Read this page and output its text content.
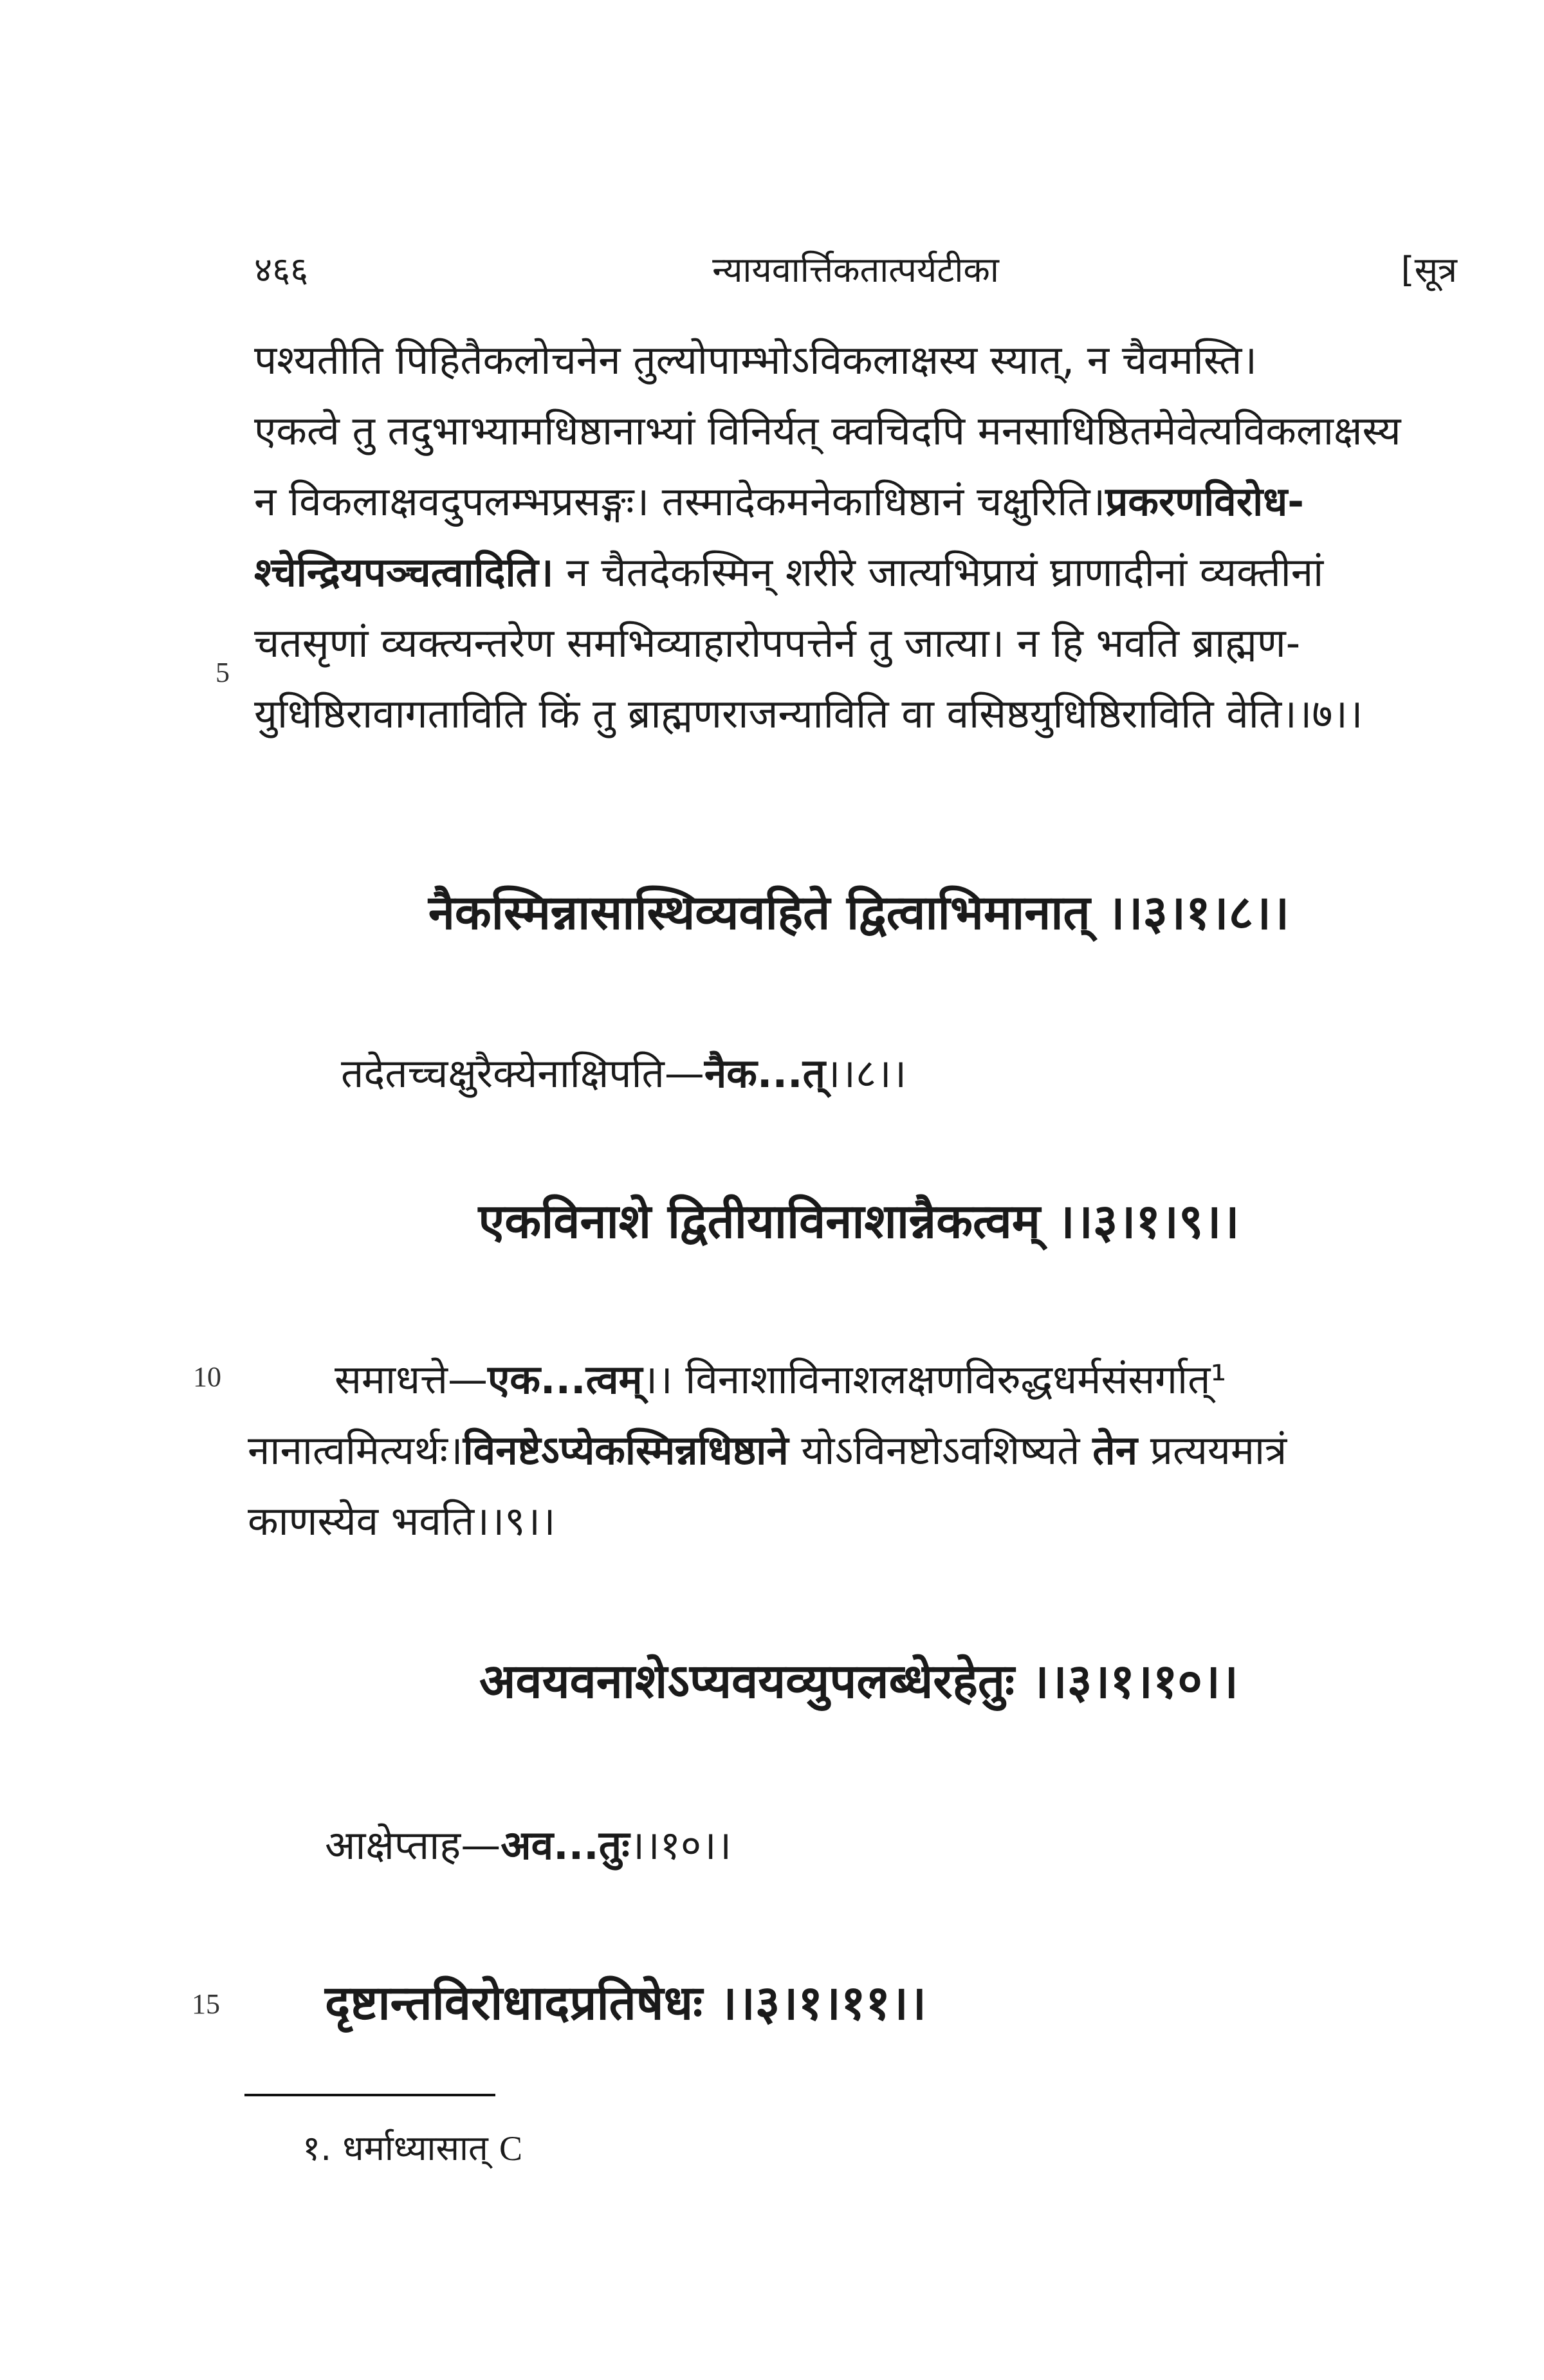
४६६	न्यायवार्त्तिकतात्पर्यटीका	[सूत्र
पश्यतीति पिहितैकलोचनेन तुल्योपाम्भोऽविकलाक्षस्य स्यात्, न चैवमस्ति।
एकत्वे तु तदुभाभ्यामधिष्ठानाभ्यां विनिर्यत् क्वचिदपि मनसाधिष्ठितमेवेत्यविकलाक्षस्य
न विकलाक्षवदुपलम्भप्रसङ्गः। तस्मादेकमनेकाधिष्ठानं चक्षुरिति।प्रकरणविरोध-
श्चेन्द्रियपञ्चत्वादिति। न चैतदेकस्मिन् शरीरे जात्यभिप्रायं घ्राणादीनां व्यक्तीनां
चतसृणां व्यक्त्यन्तरेण समभिव्याहारोपपत्तेर्न तु जात्या। न हि भवति ब्राह्मण-
युधिष्ठिरावागताविति किं तु ब्राह्मणराजन्याविति वा वसिष्ठयुधिष्ठिराविति वेति।।७।।
5
नैकस्मिन्नासास्थिव्यवहिते द्वित्वाभिमानात् ।।३।१।८।।
तदेतच्चक्षुरैक्येनाक्षिपति—नैक...त्।।८।।
एकविनाशे द्वितीयाविनाशान्नैकत्वम् ।।३।१।९।।
10	समाधत्ते—एक...त्वम्।। विनाशाविनाशलक्षणविरुद्धधर्मसंसर्गात्¹
नानात्वमित्यर्थः।विनष्टेऽप्येकस्मिन्नधिष्ठाने योऽविनष्टोऽवशिष्यते तेन प्रत्ययमात्रं
काणस्येव भवति।।९।।
अवयवनाशेऽप्यवयव्युपलब्धेरहेतुः ।।३।१।१०।।
आक्षेप्ताह—अव...तुः।।१०।।
15 दृष्टान्तविरोधादप्रतिषेधः ।।३।१।११।।
१. धर्माध्यासात् C
